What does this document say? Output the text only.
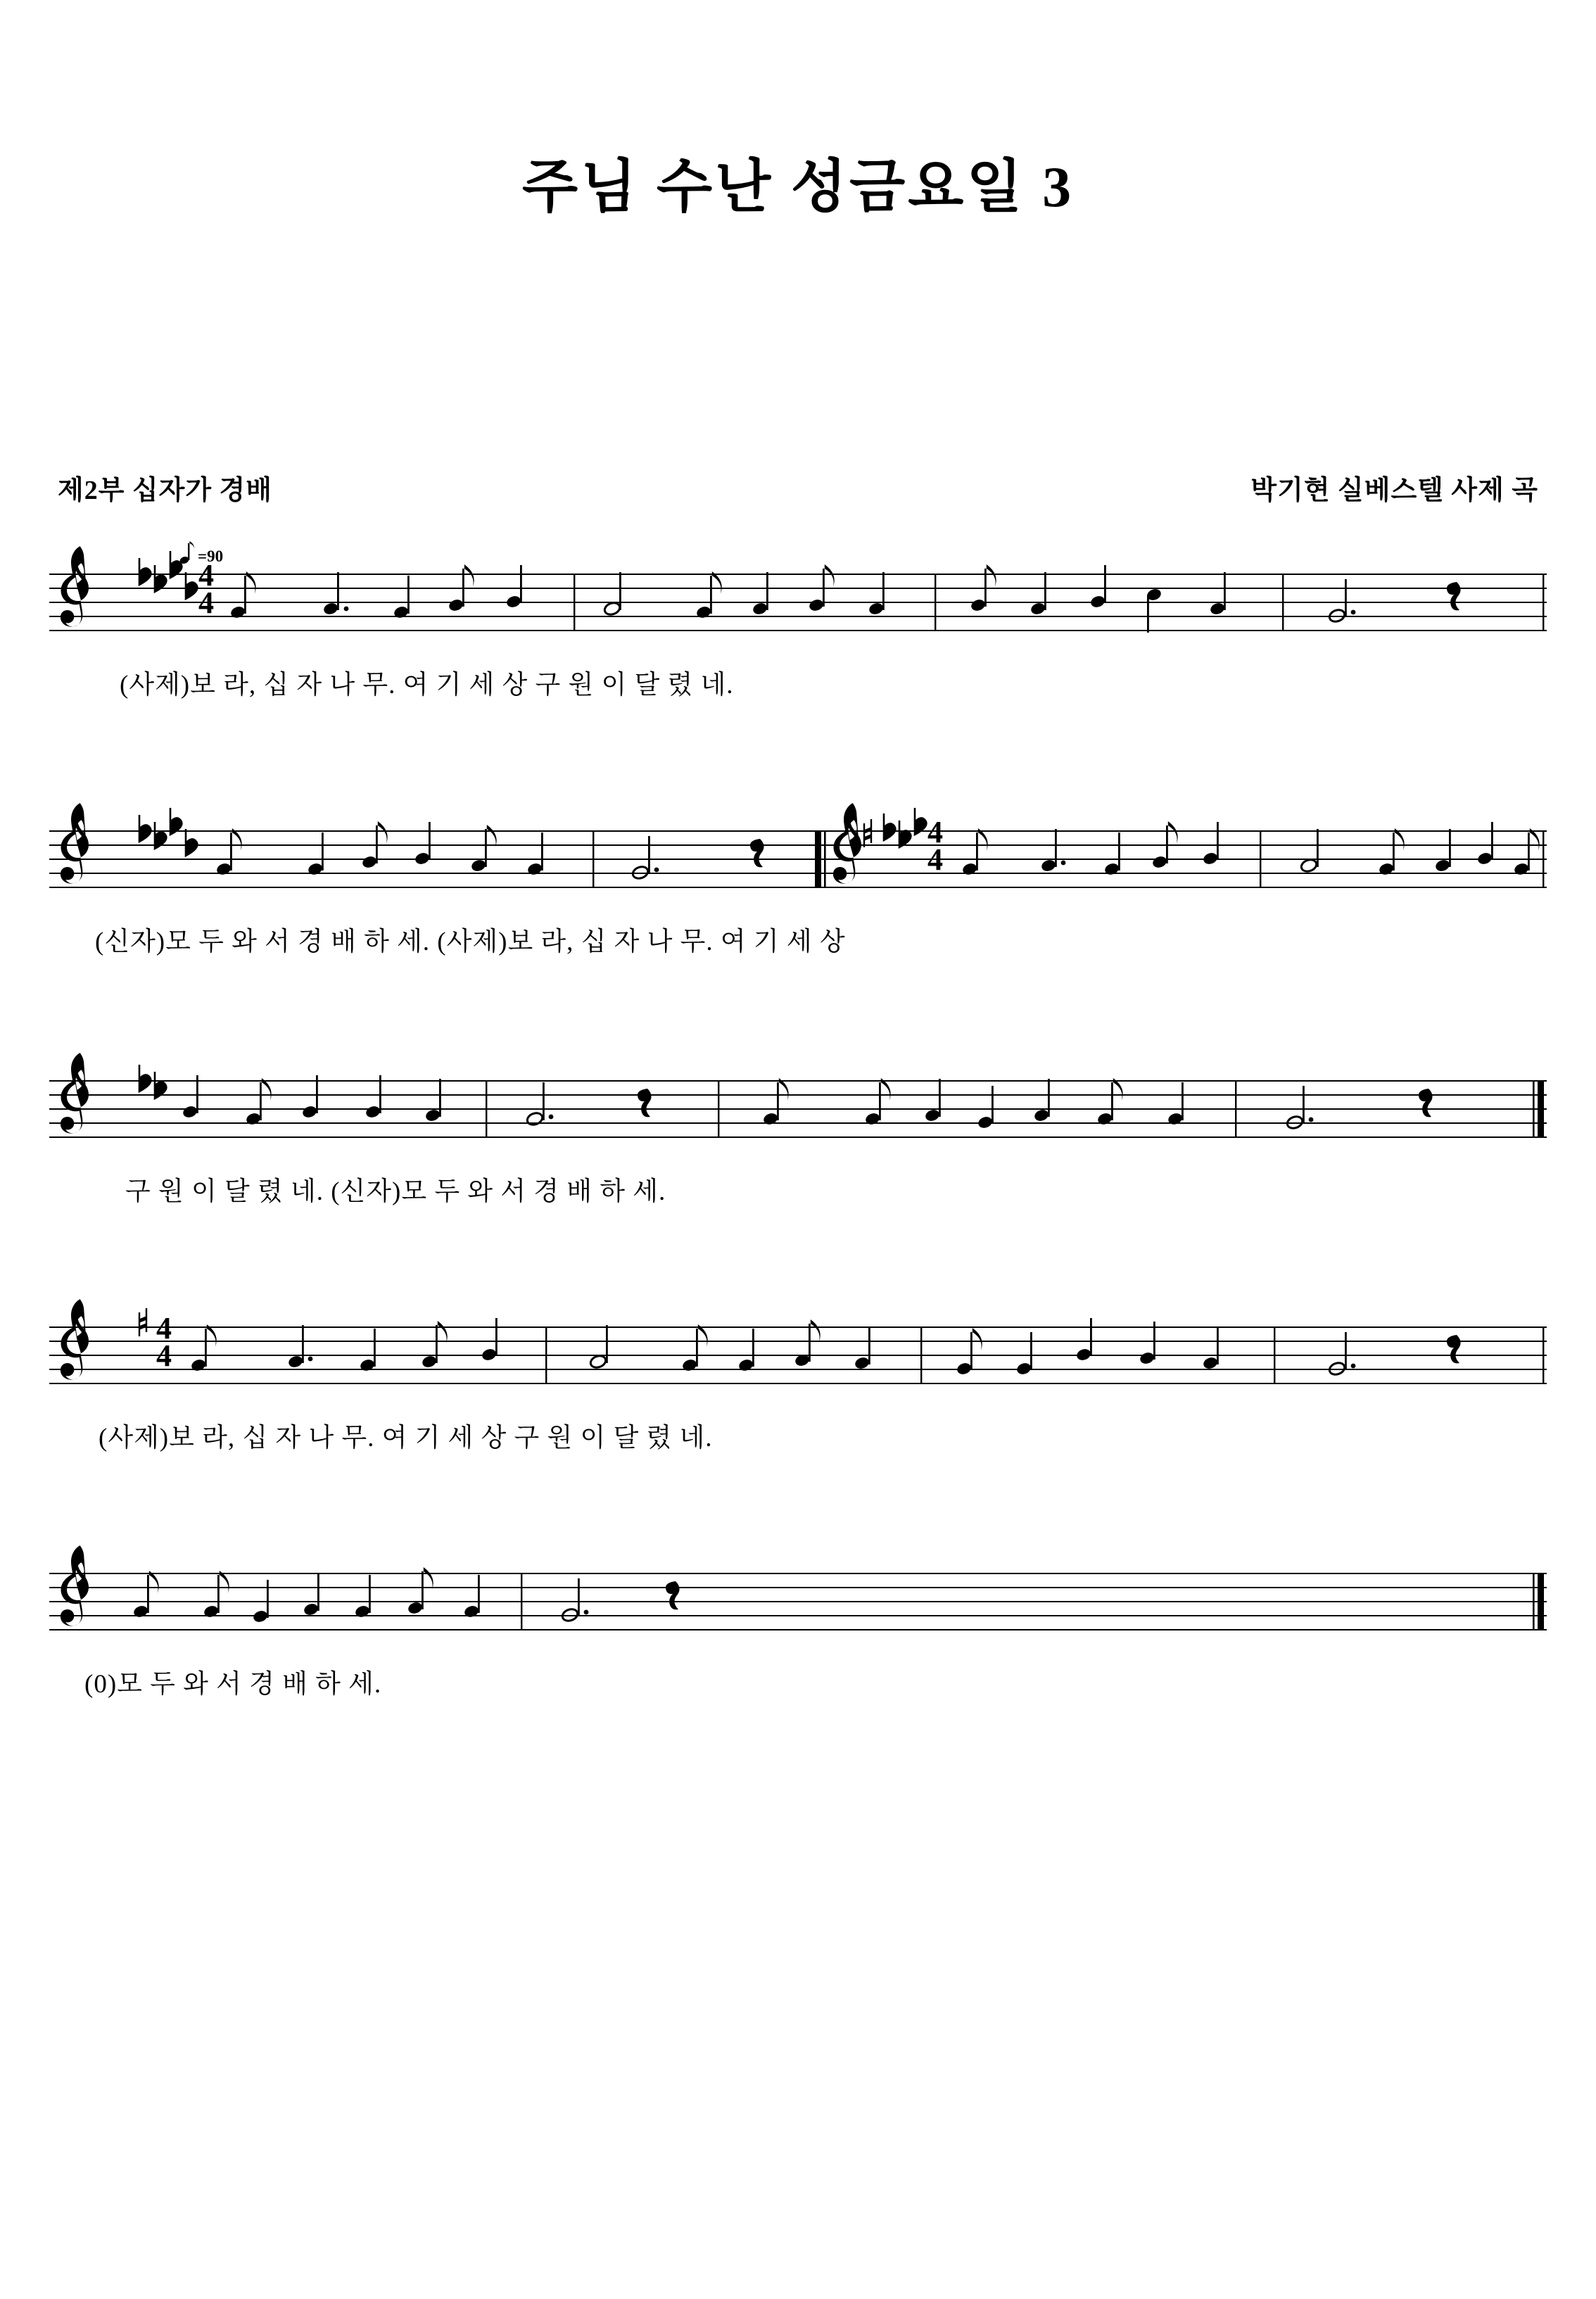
주님 수난 성금요일 3
제2부 십자가 경배	박기현 실베스텔 사제 곡
=90
4
4
(사제)보 라, 십 자 나 무. 여 기 세 상 구 원 이 달 렸 네.
4
4
(신자)모 두 와 서 경 배 하 세. (사제)보 라, 십 자 나 무. 여 기 세 상
구 원 이 달 렸 네. (신자)모 두 와 서 경 배 하 세.
4
4
(사제)보 라, 십 자 나 무. 여 기 세 상 구 원 이 달 렸 네.
(0)모 두 와 서 경 배 하 세.
